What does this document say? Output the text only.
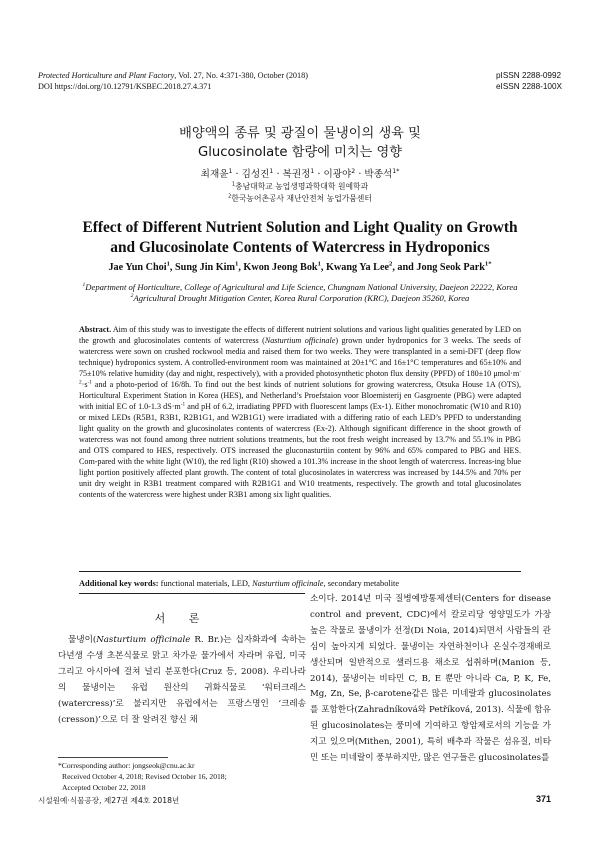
Protected Horticulture and Plant Factory, Vol. 27, No. 4:371-380, October (2018)
DOI https://doi.org/10.12791/KSBEC.2018.27.4.371
pISSN 2288-0992
eISSN 2288-100X
배양액의 종류 및 광질이 물냉이의 생육 및
Glucosinolate 함량에 미치는 영향
최재윤$^1$ · 김성진$^1$ · 복권정$^1$ · 이광야$^2$ · 박종석$^{1*}$
$^1$충남대학교 농업생명과학대학 원예학과
$^2$한국농어촌공사 재난안전처 농업가뭄센터
Effect of Different Nutrient Solution and Light Quality on Growth
and Glucosinolate Contents of Watercress in Hydroponics
Jae Yun Choi$^1$, Sung Jin Kim$^1$, Kwon Jeong Bok$^1$, Kwang Ya Lee$^2$, and Jong Seok Park$^{1*}$
$^1$Department of Horticulture, College of Agricultural and Life Science, Chungnam National University, Daejeon 22222, Korea
$^2$Agricultural Drought Mitigation Center, Korea Rural Corporation (KRC), Daejeon 35260, Korea
Abstract. Aim of this study was to investigate the effects of different nutrient solutions and various light qualities generated by LED on the growth and glucosinolates contents of watercress (Nasturtium officinale) grown under hydroponics for 3 weeks. The seeds of watercress were sown on crushed rockwool media and raised them for two weeks. They were transplanted in a semi-DFT (deep flow technique) hydroponics system. A controlled-environment room was maintained at 20±1°C and 16±1°C temperatures and 65±10% and 75±10% relative humidity (day and night, respectively), with a provided photosynthetic photon flux density (PPFD) of 180±10 $\mu mol\cdot m^{-2}\cdot s^{-1}$ and a photo-period of 16/8h. To find out the best kinds of nutrient solutions for growing watercress, Otsuka House 1A (OTS), Horticultural Experiment Station in Korea (HES), and Netherland’s Proefstaion voor Bloemisterij en Gasgroente (PBG) were adapted with initial EC of 1.0-1.3 $dS\cdot m^{-1}$ and pH of 6.2, irradiating PPFD with fluorescent lamps (Ex-1). Either monochromatic (W10 and R10) or mixed LEDs (R5B1, R3B1, R2B1G1, and W2B1G1) were irradiated with a differing ratio of each LED’s PPFD to understanding light quality on the growth and glucosinolates contents of watercress (Ex-2). Although significant difference in the shoot growth of watercress was not found among three nutrient solutions treatments, but the root fresh weight increased by 13.7% and 55.1% in PBG and OTS compared to HES, respectively. OTS increased the gluconasturtiin content by 96% and 65% compared to PBG and HES. Com-pared with the white light (W10), the red light (R10) showed a 101.3% increase in the shoot length of watercress. Increas-ing blue light portion positively affected plant growth. The content of total glucosinolates in watercress was increased by 144.5% and 70% per unit dry weight in R3B1 treatment compared with R2B1G1 and W10 treatments, respectively. The growth and total glucosinolates contents of the watercress were highest under R3B1 among six light qualities.
Additional key words: functional materials, LED, Nasturtium officinale, secondary metabolite
서 론
물냉이(Nasturtium officinale R. Br.)는 십자화과에 속하는 다년생 수생 초본식물로 맑고 차가운 물가에서 자라며 유럽, 미국 그리고 아시아에 걸쳐 널리 분포한다(Cruz 등, 2008). 우리나라의 물냉이는 유럽 원산의 귀화식물로 ‘워터크레스(watercress)’로 불리지만 유럽에서는 프랑스명인 ‘크레송(cresson)’으로 더 잘 알려진 향신 채
소이다. 2014년 미국 질병예방통제센터(Centers for disease control and prevent, CDC)에서 칼로리당 영양밀도가 가장 높은 작물로 물냉이가 선정(Di Noia, 2014)되면서 사람들의 관심이 높아지게 되었다. 물냉이는 자연하천이나 온실수경재배로 생산되며 일반적으로 샐러드용 채소로 섭취하며(Manion 등, 2014), 물냉이는 비타민 C, B, E 뿐만 아니라 Ca, P, K, Fe, Mg, Zn, Se, β-carotene같은 많은 미네랄과 glucosinolates를 포함한다(Zahradníková와 Petříková, 2013). 식물에 함유된 glucosinolates는 풍미에 기여하고 항암제로서의 기능을 가지고 있으며(Mithen, 2001), 특히 배추과 작물은 섬유질, 비타민 또는 미네랄이 풍부하지만, 많은 연구들은 glucosinolates를
*Corresponding author: jongseok@cnu.ac.kr
Received October 4, 2018; Revised October 16, 2018;
Accepted October 22, 2018
시설원예·식물공장, 제27권 제4호 2018년	371
